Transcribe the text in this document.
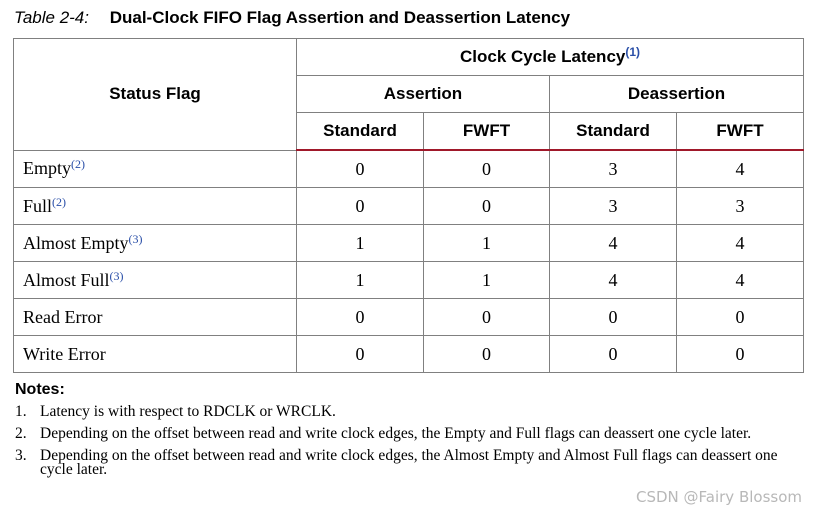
Table 2-4: Dual-Clock FIFO Flag Assertion and Deassertion Latency
Status Flag	Clock Cycle Latency$^{(1)}$
	Assertion		Deassertion	
	Standard	FWFT	Standard	FWFT
Empty$^{(2)}$	0	0	3	4
Full$^{(2)}$	0	0	3	3
Almost Empty$^{(3)}$	1	1	4	4
Almost Full$^{(3)}$	1	1	4	4
Read Error	0	0	0	0
Write Error	0	0	0	0
Notes:
1. Latency is with respect to RDCLK or WRCLK.
2. Depending on the offset between read and write clock edges, the Empty and Full flags can deassert one cycle later.
3. Depending on the offset between read and write clock edges, the Almost Empty and Almost Full flags can deassert one cycle later.
CSDN @Fairy Blossom
